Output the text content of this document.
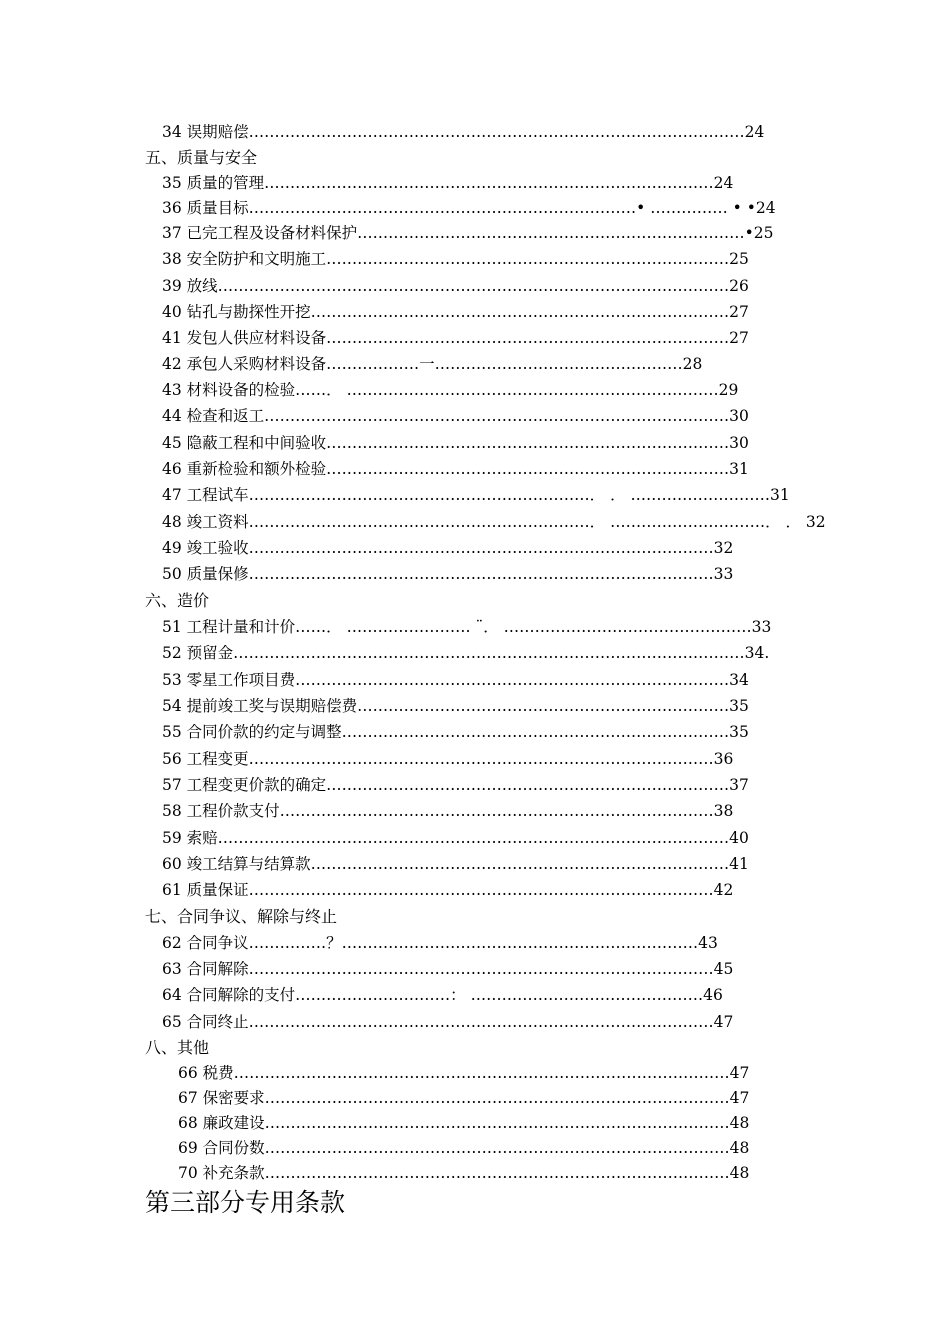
34 误期赔偿……………………………………………………………………………………24
五、质量与安全
35 质量的管理……………………………………………………………………………24
36 质量目标…………………………………………………………………• …………… • •24
37 已完工程及设备材料保护…………………………………………………………………•25
38 安全防护和文明施工……………………………………………………………………25
39 放线………………………………………………………………………………………26
40 钻孔与勘探性开挖………………………………………………………………………27
41 发包人供应材料设备……………………………………………………………………27
42 承包人采购材料设备………………一…………………………………………28
43 材料设备的检验……． ………………………………………………………………29
44 检查和返工………………………………………………………………………………30
45 隐蔽工程和中间验收……………………………………………………………………30
46 重新检验和额外检验……………………………………………………………………31
47 工程试车…………………………………………………………． ． ………………………31
48 竣工资料…………………………………………………………． …………………………． ． 32
49 竣工验收………………………………………………………………………………32
50 质量保修………………………………………………………………………………33
六、造价
51 工程计量和计价……． …………………… ¨． …………………………………………33
52 预留金………………………………………………………………………………………34.
53 零星工作项目费…………………………………………………………………………34
54 提前竣工奖与误期赔偿费………………………………………………………………35
55 合同价款的约定与调整…………………………………………………………………35
56 工程变更………………………………………………………………………………36
57 工程变更价款的确定……………………………………………………………………37
58 工程价款支付…………………………………………………………………………38
59 索赔………………………………………………………………………………………40
60 竣工结算与结算款………………………………………………………………………41
61 质量保证………………………………………………………………………………42
七、合同争议、解除与终止
62 合同争议……………？……………………………………………………………43
63 合同解除………………………………………………………………………………45
64 合同解除的支付…………………………： ………………………………………46
65 合同终止………………………………………………………………………………47
八、其他
66 税费……………………………………………………………………………………47
67 保密要求………………………………………………………………………………47
68 廉政建设………………………………………………………………………………48
69 合同份数………………………………………………………………………………48
70 补充条款………………………………………………………………………………48
第三部分专用条款
